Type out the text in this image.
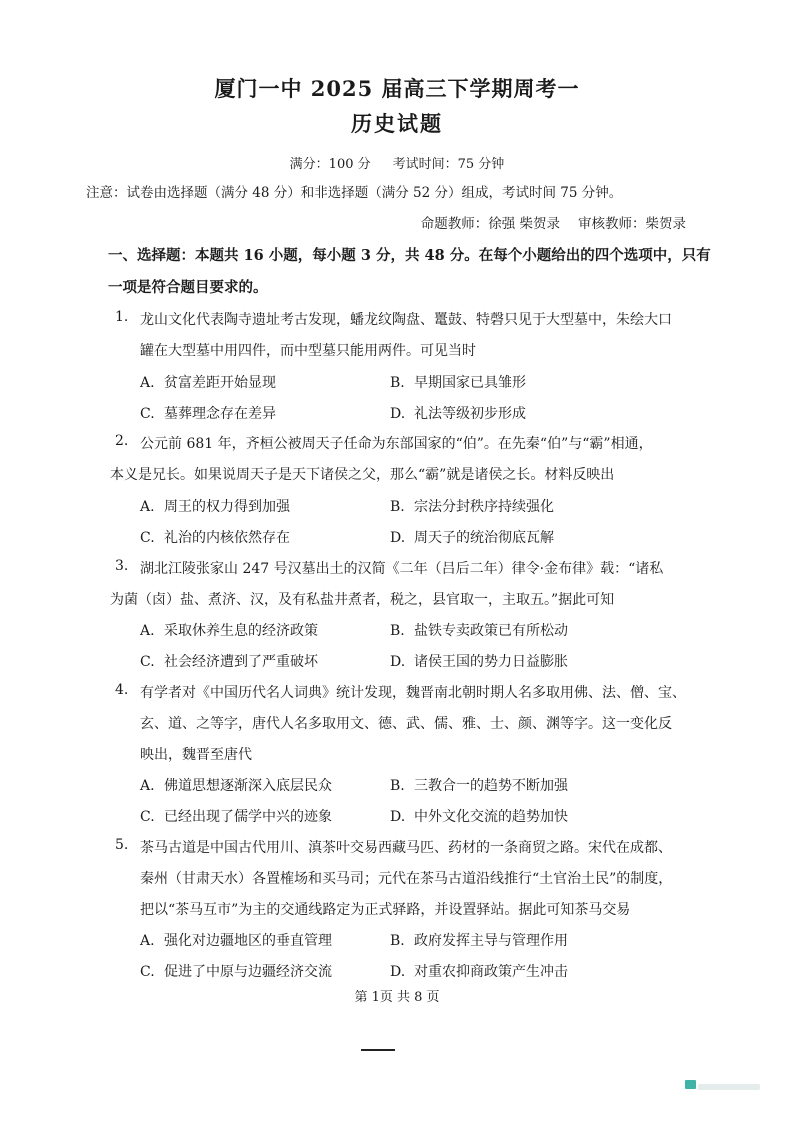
厦门一中 2025 届高三下学期周考一
历史试题
满分：100 分 考试时间：75 分钟
注意：试卷由选择题（满分 48 分）和非选择题（满分 52 分）组成，考试时间 75 分钟。
命题教师：徐强 柴贺录 审核教师：柴贺录
一、选择题：本题共 16 小题，每小题 3 分，共 48 分。在每个小题给出的四个选项中，只有
一项是符合题目要求的。
1. 龙山文化代表陶寺遗址考古发现，蟠龙纹陶盘、鼍鼓、特磬只见于大型墓中，朱绘大口
罐在大型墓中用四件，而中型墓只能用两件。可见当时
A. 贫富差距开始显现	B. 早期国家已具雏形
C. 墓葬理念存在差异	D. 礼法等级初步形成
2. 公元前 681 年，齐桓公被周天子任命为东部国家的“伯”。在先秦“伯”与“霸”相通，
本义是兄长。如果说周天子是天下诸侯之父，那么“霸”就是诸侯之长。材料反映出
A. 周王的权力得到加强	B. 宗法分封秩序持续强化
C. 礼治的内核依然存在	D. 周天子的统治彻底瓦解
3. 湖北江陵张家山 247 号汉墓出土的汉简《二年（吕后二年）律令·金布律》载：“诸私
为菌（卤）盐、煮济、汉，及有私盐井煮者，税之，县官取一，主取五。”据此可知
A. 采取休养生息的经济政策	B. 盐铁专卖政策已有所松动
C. 社会经济遭到了严重破坏	D. 诸侯王国的势力日益膨胀
4. 有学者对《中国历代名人词典》统计发现，魏晋南北朝时期人名多取用佛、法、僧、宝、
玄、道、之等字，唐代人名多取用文、德、武、儒、雅、士、颜、渊等字。这一变化反
映出，魏晋至唐代
A. 佛道思想逐渐深入底层民众	B. 三教合一的趋势不断加强
C. 已经出现了儒学中兴的迹象	D. 中外文化交流的趋势加快
5. 茶马古道是中国古代用川、滇茶叶交易西藏马匹、药材的一条商贸之路。宋代在成都、
秦州（甘肃天水）各置榷场和买马司；元代在茶马古道沿线推行“土官治土民”的制度，
把以“茶马互市”为主的交通线路定为正式驿路，并设置驿站。据此可知茶马交易
A. 强化对边疆地区的垂直管理	B. 政府发挥主导与管理作用
C. 促进了中原与边疆经济交流	D. 对重农抑商政策产生冲击
第 1页 共 8 页
